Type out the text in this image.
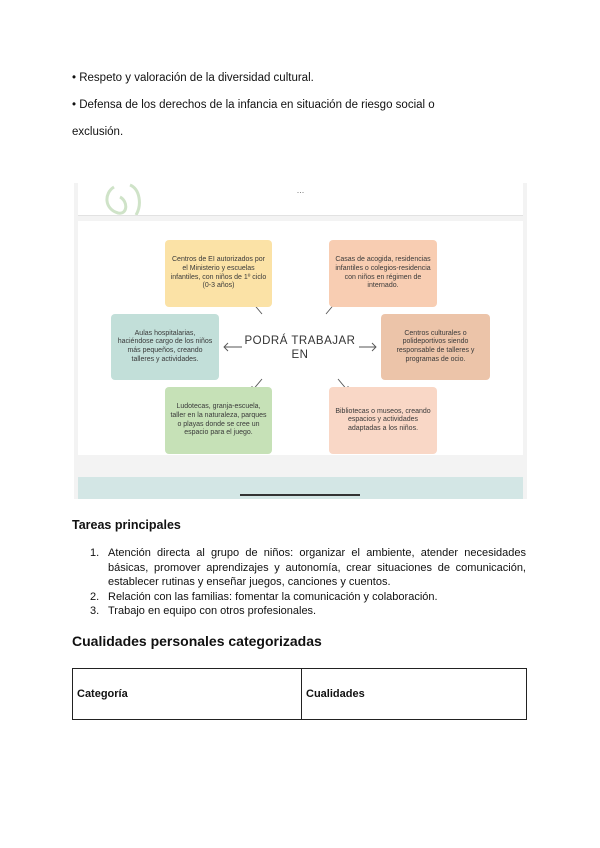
• Respeto y valoración de la diversidad cultural.
• Defensa de los derechos de la infancia en situación de riesgo social o
exclusión.
...
PODRÁ TRABAJAR
EN
Centros de EI autorizados por el Ministerio y escuelas infantiles, con niños de 1º ciclo (0-3 años)
Casas de acogida, residencias infantiles o colegios-residencia con niños en régimen de internado.
Aulas hospitalarias, haciéndose cargo de los niños más pequeños, creando talleres y actividades.
Centros culturales o polideportivos siendo responsable de talleres y programas de ocio.
Ludotecas, granja-escuela, taller en la naturaleza, parques o playas donde se cree un espacio para el juego.
Bibliotecas o museos, creando espacios y actividades adaptadas a los niños.
Tareas principales
1. Atención directa al grupo de niños: organizar el ambiente, atender necesidades básicas, promover aprendizajes y autonomía, crear situaciones de comunicación, establecer rutinas y enseñar juegos, canciones y cuentos.
2. Relación con las familias: fomentar la comunicación y colaboración.
3. Trabajo en equipo con otros profesionales.
Cualidades personales categorizadas
Categoría	Cualidades
